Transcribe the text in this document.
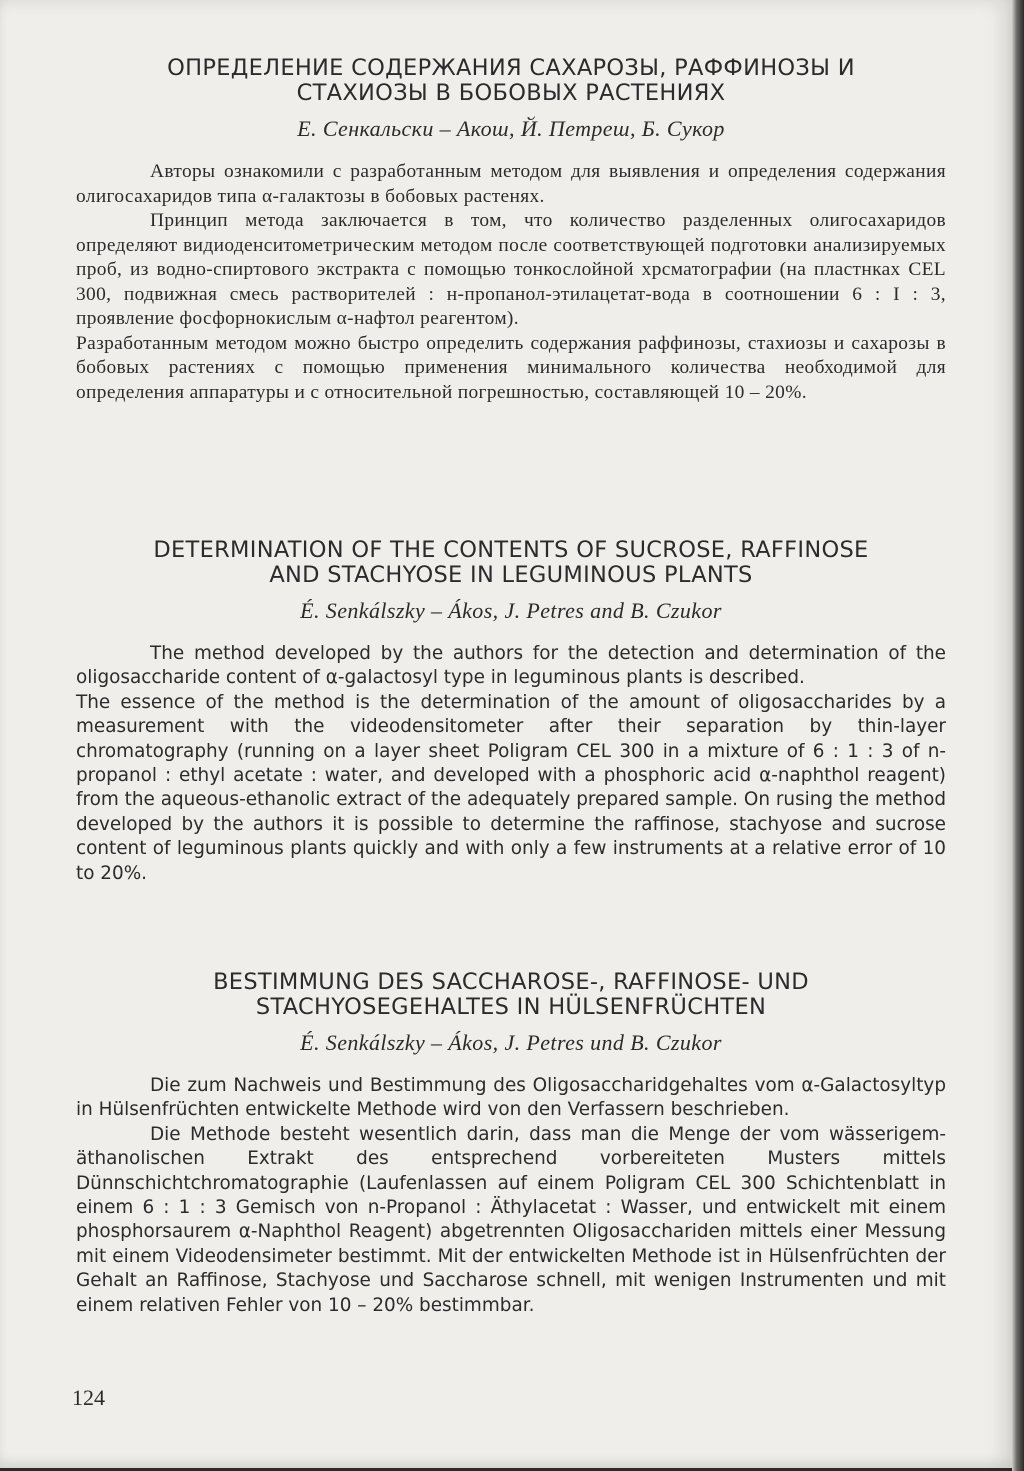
ОПРЕДЕЛЕНИЕ СОДЕРЖАНИЯ САХАРОЗЫ, РАФФИНОЗЫ И
СТАХИОЗЫ В БОБОВЫХ РАСТЕНИЯХ

Е. Сенкальски – Акош, Й. Петреш, Б. Сукор

Авторы ознакомили с разработанным методом для выявления и определения содержания олигосахаридов типа α-галактозы в бобовых растенях.

Принцип метода заключается в том, что количество разделенных олигосахаридов определяют видиоденситометрическим методом после соответствующей подготовки анализируемых проб, из водно-спиртового экстракта с помощью тонкослойной хрсматографии (на пластнках CEL 300, подвижная смесь растворителей : н-пропанол-этилацетат-вода в соотношении 6 : I : 3, проявление фосфорнокислым α-нафтол реагентом).

Разработанным методом можно быстро определить содержания раффинозы, стахиозы и сахарозы в бобовых растениях с помощью применения минимального количества необходимой для определения аппаратуры и с относительной погрешностью, составляющей 10 – 20%.

DETERMINATION OF THE CONTENTS OF SUCROSE, RAFFINOSE
AND STACHYOSE IN LEGUMINOUS PLANTS

É. Senkálszky – Ákos, J. Petres and B. Czukor

The method developed by the authors for the detection and determination of the oligosaccharide content of α-galactosyl type in leguminous plants is described.

The essence of the method is the determination of the amount of oligosaccharides by a measurement with the videodensitometer after their separation by thin-layer chromatography (running on a layer sheet Poligram CEL 300 in a mixture of 6 : 1 : 3 of n-propanol : ethyl acetate : water, and developed with a phosphoric acid α-naphthol reagent) from the aqueous-ethanolic extract of the adequately prepared sample. On rusing the method developed by the authors it is possible to determine the raffinose, stachyose and sucrose content of leguminous plants quickly and with only a few instruments at a relative error of 10 to 20%.

BESTIMMUNG DES SACCHAROSE-, RAFFINOSE- UND
STACHYOSEGEHALTES IN HÜLSENFRÜCHTEN

É. Senkálszky – Ákos, J. Petres und B. Czukor

Die zum Nachweis und Bestimmung des Oligosaccharidgehaltes vom α-Galactosyltyp in Hülsenfrüchten entwickelte Methode wird von den Verfassern beschrieben.

Die Methode besteht wesentlich darin, dass man die Menge der vom wässerigem-äthanolischen Extrakt des entsprechend vorbereiteten Musters mittels Dünnschichtchromatographie (Laufenlassen auf einem Poligram CEL 300 Schichtenblatt in einem 6 : 1 : 3 Gemisch von n-Propanol : Äthylacetat : Wasser, und entwickelt mit einem phosphorsaurem α-Naphthol Reagent) abgetrennten Oligosacchariden mittels einer Messung mit einem Videodensimeter bestimmt. Mit der entwickelten Methode ist in Hülsenfrüchten der Gehalt an Raffinose, Stachyose und Saccharose schnell, mit wenigen Instrumenten und mit einem relativen Fehler von 10 – 20% bestimmbar.

124
